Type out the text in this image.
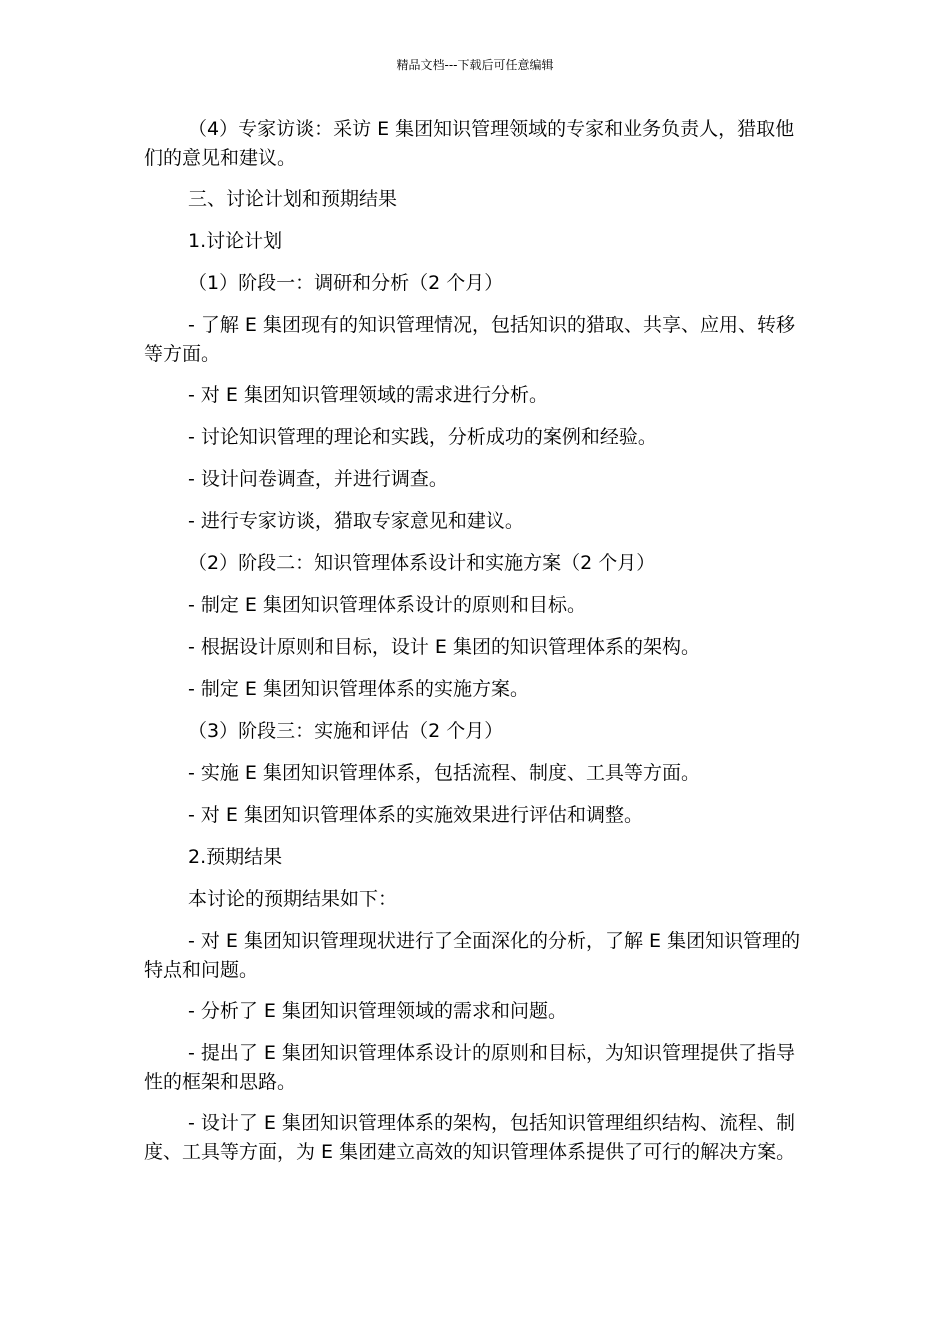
精品文档---下载后可任意编辑

（4）专家访谈：采访 E 集团知识管理领域的专家和业务负责人，猎取他们的意见和建议。

三、讨论计划和预期结果

1.讨论计划

（1）阶段一：调研和分析（2 个月）

- 了解 E 集团现有的知识管理情况，包括知识的猎取、共享、应用、转移等方面。

- 对 E 集团知识管理领域的需求进行分析。

- 讨论知识管理的理论和实践，分析成功的案例和经验。

- 设计问卷调查，并进行调查。

- 进行专家访谈，猎取专家意见和建议。

（2）阶段二：知识管理体系设计和实施方案（2 个月）

- 制定 E 集团知识管理体系设计的原则和目标。

- 根据设计原则和目标，设计 E 集团的知识管理体系的架构。

- 制定 E 集团知识管理体系的实施方案。

（3）阶段三：实施和评估（2 个月）

- 实施 E 集团知识管理体系，包括流程、制度、工具等方面。

- 对 E 集团知识管理体系的实施效果进行评估和调整。

2.预期结果

本讨论的预期结果如下：

- 对 E 集团知识管理现状进行了全面深化的分析，了解 E 集团知识管理的特点和问题。

- 分析了 E 集团知识管理领域的需求和问题。

- 提出了 E 集团知识管理体系设计的原则和目标，为知识管理提供了指导性的框架和思路。

- 设计了 E 集团知识管理体系的架构，包括知识管理组织结构、流程、制度、工具等方面，为 E 集团建立高效的知识管理体系提供了可行的解决方案。
